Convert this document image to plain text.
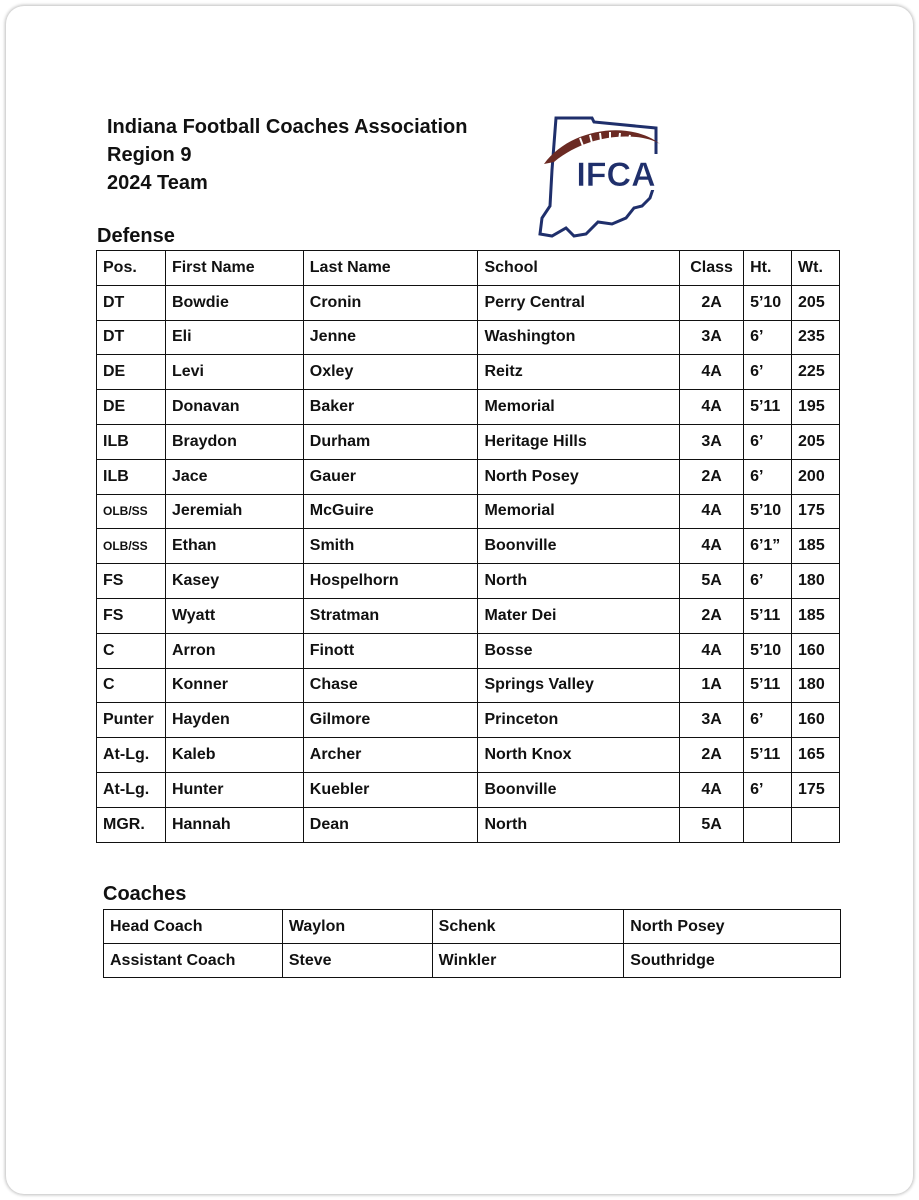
Indiana Football Coaches Association
Region 9
2024 Team	IFCA
Defense
Pos.	First Name	Last Name	School	Class	Ht.	Wt.
DT	Bowdie	Cronin	Perry Central	2A	5’10	205
DT	Eli	Jenne	Washington	3A	6’	235
DE	Levi	Oxley	Reitz	4A	6’	225
DE	Donavan	Baker	Memorial	4A	5’11	195
ILB	Braydon	Durham	Heritage Hills	3A	6’	205
ILB	Jace	Gauer	North Posey	2A	6’	200
OLB/SS	Jeremiah	McGuire	Memorial	4A	5’10	175
OLB/SS	Ethan	Smith	Boonville	4A	6’1”	185
FS	Kasey	Hospelhorn	North	5A	6’	180
FS	Wyatt	Stratman	Mater Dei	2A	5’11	185
C	Arron	Finott	Bosse	4A	5’10	160
C	Konner	Chase	Springs Valley	1A	5’11	180
Punter	Hayden	Gilmore	Princeton	3A	6’	160
At-Lg.	Kaleb	Archer	North Knox	2A	5’11	165
At-Lg.	Hunter	Kuebler	Boonville	4A	6’	175
MGR.	Hannah	Dean	North	5A		
Coaches
Head Coach	Waylon	Schenk	North Posey
Assistant Coach	Steve	Winkler	Southridge
